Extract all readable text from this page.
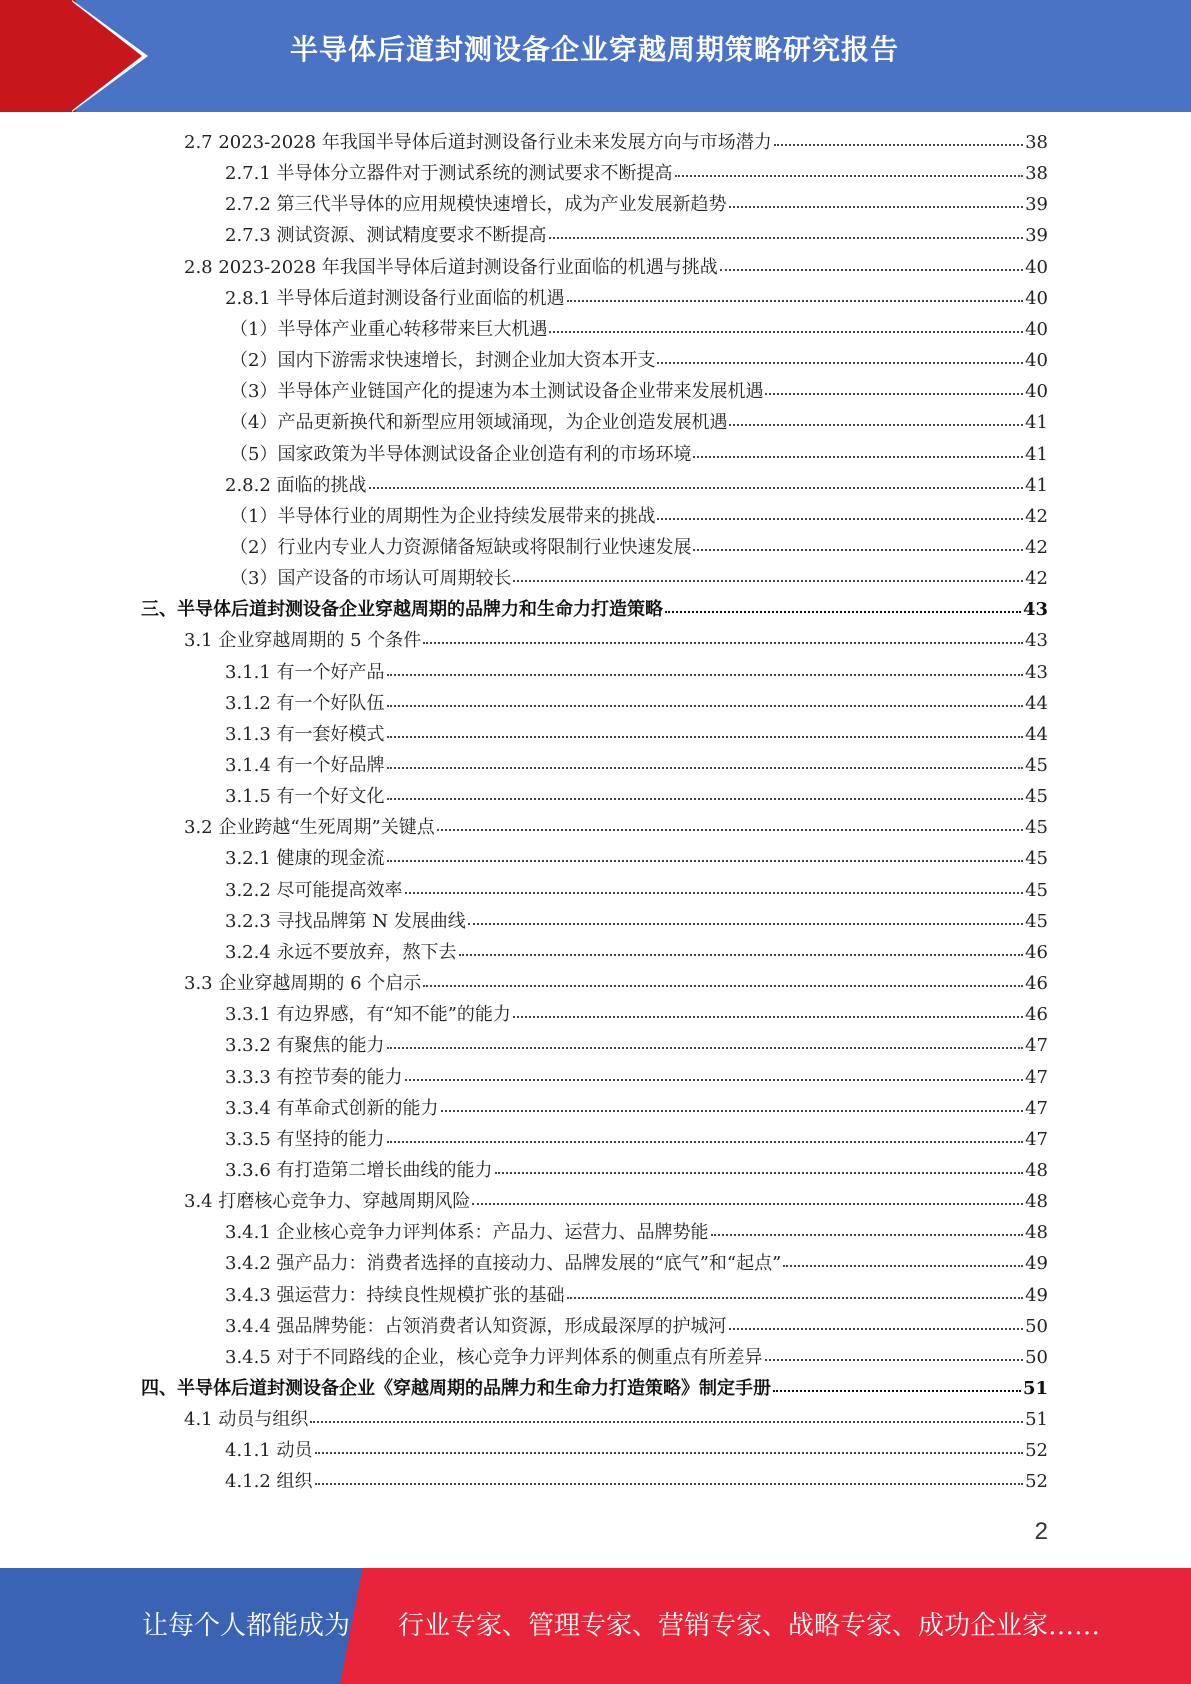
半导体后道封测设备企业穿越周期策略研究报告
2.7 2023-2028 年我国半导体后道封测设备行业未来发展方向与市场潜力	38
2.7.1 半导体分立器件对于测试系统的测试要求不断提高	38
2.7.2 第三代半导体的应用规模快速增长，成为产业发展新趋势	39
2.7.3 测试资源、测试精度要求不断提高	39
2.8 2023-2028 年我国半导体后道封测设备行业面临的机遇与挑战	40
2.8.1 半导体后道封测设备行业面临的机遇	40
（1）半导体产业重心转移带来巨大机遇	40
（2）国内下游需求快速增长，封测企业加大资本开支	40
（3）半导体产业链国产化的提速为本土测试设备企业带来发展机遇	40
（4）产品更新换代和新型应用领域涌现，为企业创造发展机遇	41
（5）国家政策为半导体测试设备企业创造有利的市场环境	41
2.8.2 面临的挑战	41
（1）半导体行业的周期性为企业持续发展带来的挑战	42
（2）行业内专业人力资源储备短缺或将限制行业快速发展	42
（3）国产设备的市场认可周期较长	42
三、半导体后道封测设备企业穿越周期的品牌力和生命力打造策略	43
3.1 企业穿越周期的 5 个条件	43
3.1.1 有一个好产品	43
3.1.2 有一个好队伍	44
3.1.3 有一套好模式	44
3.1.4 有一个好品牌	45
3.1.5 有一个好文化	45
3.2 企业跨越“生死周期”关键点	45
3.2.1 健康的现金流	45
3.2.2 尽可能提高效率	45
3.2.3 寻找品牌第 N 发展曲线	45
3.2.4 永远不要放弃，熬下去	46
3.3 企业穿越周期的 6 个启示	46
3.3.1 有边界感，有“知不能”的能力	46
3.3.2 有聚焦的能力	47
3.3.3 有控节奏的能力	47
3.3.4 有革命式创新的能力	47
3.3.5 有坚持的能力	47
3.3.6 有打造第二增长曲线的能力	48
3.4 打磨核心竞争力、穿越周期风险	48
3.4.1 企业核心竞争力评判体系：产品力、运营力、品牌势能	48
3.4.2 强产品力：消费者选择的直接动力、品牌发展的“底气”和“起点”	49
3.4.3 强运营力：持续良性规模扩张的基础	49
3.4.4 强品牌势能：占领消费者认知资源，形成最深厚的护城河	50
3.4.5 对于不同路线的企业，核心竞争力评判体系的侧重点有所差异	50
四、半导体后道封测设备企业《穿越周期的品牌力和生命力打造策略》制定手册	51
4.1 动员与组织	51
4.1.1 动员	52
4.1.2 组织	52
2
让每个人都能成为 行业专家、管理专家、营销专家、战略专家、成功企业家……
